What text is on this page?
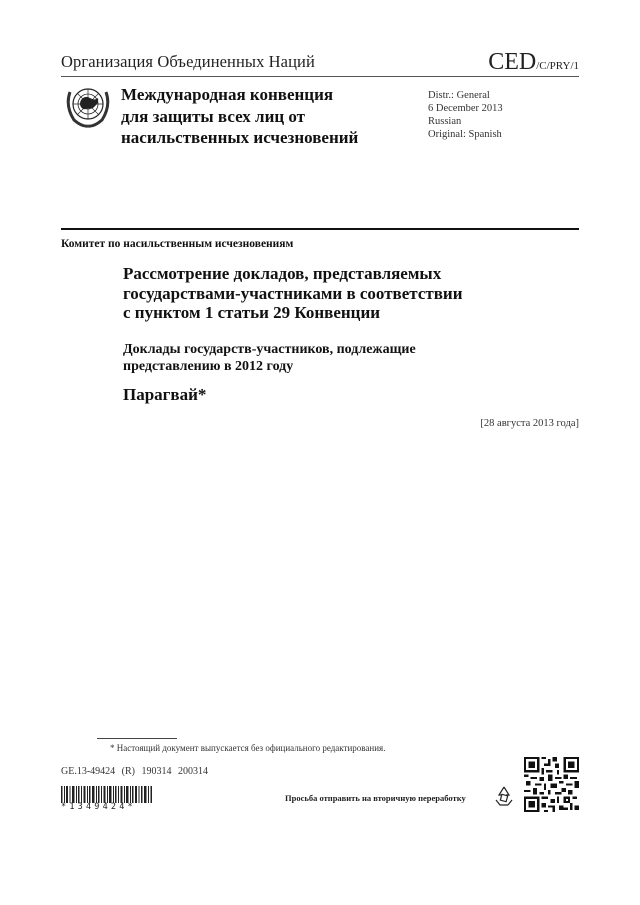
Организация Объединенных Наций	CED/C/PRY/1
Международная конвенция
для защиты всех лиц от
насильственных исчезновений
Distr.: General
6 December 2013
Russian
Original: Spanish
Комитет по насильственным исчезновениям
Рассмотрение докладов, представляемых
государствами-участниками в соответствии
с пунктом 1 статьи 29 Конвенции
Доклады государств-участников, подлежащие
представлению в 2012 году
Парагвай*
[28 августа 2013 года]
* Настоящий документ выпускается без официального редактирования.
GE.13-49424 (R) 190314 200314
*1349424*
Просьба отправить на вторичную переработку
